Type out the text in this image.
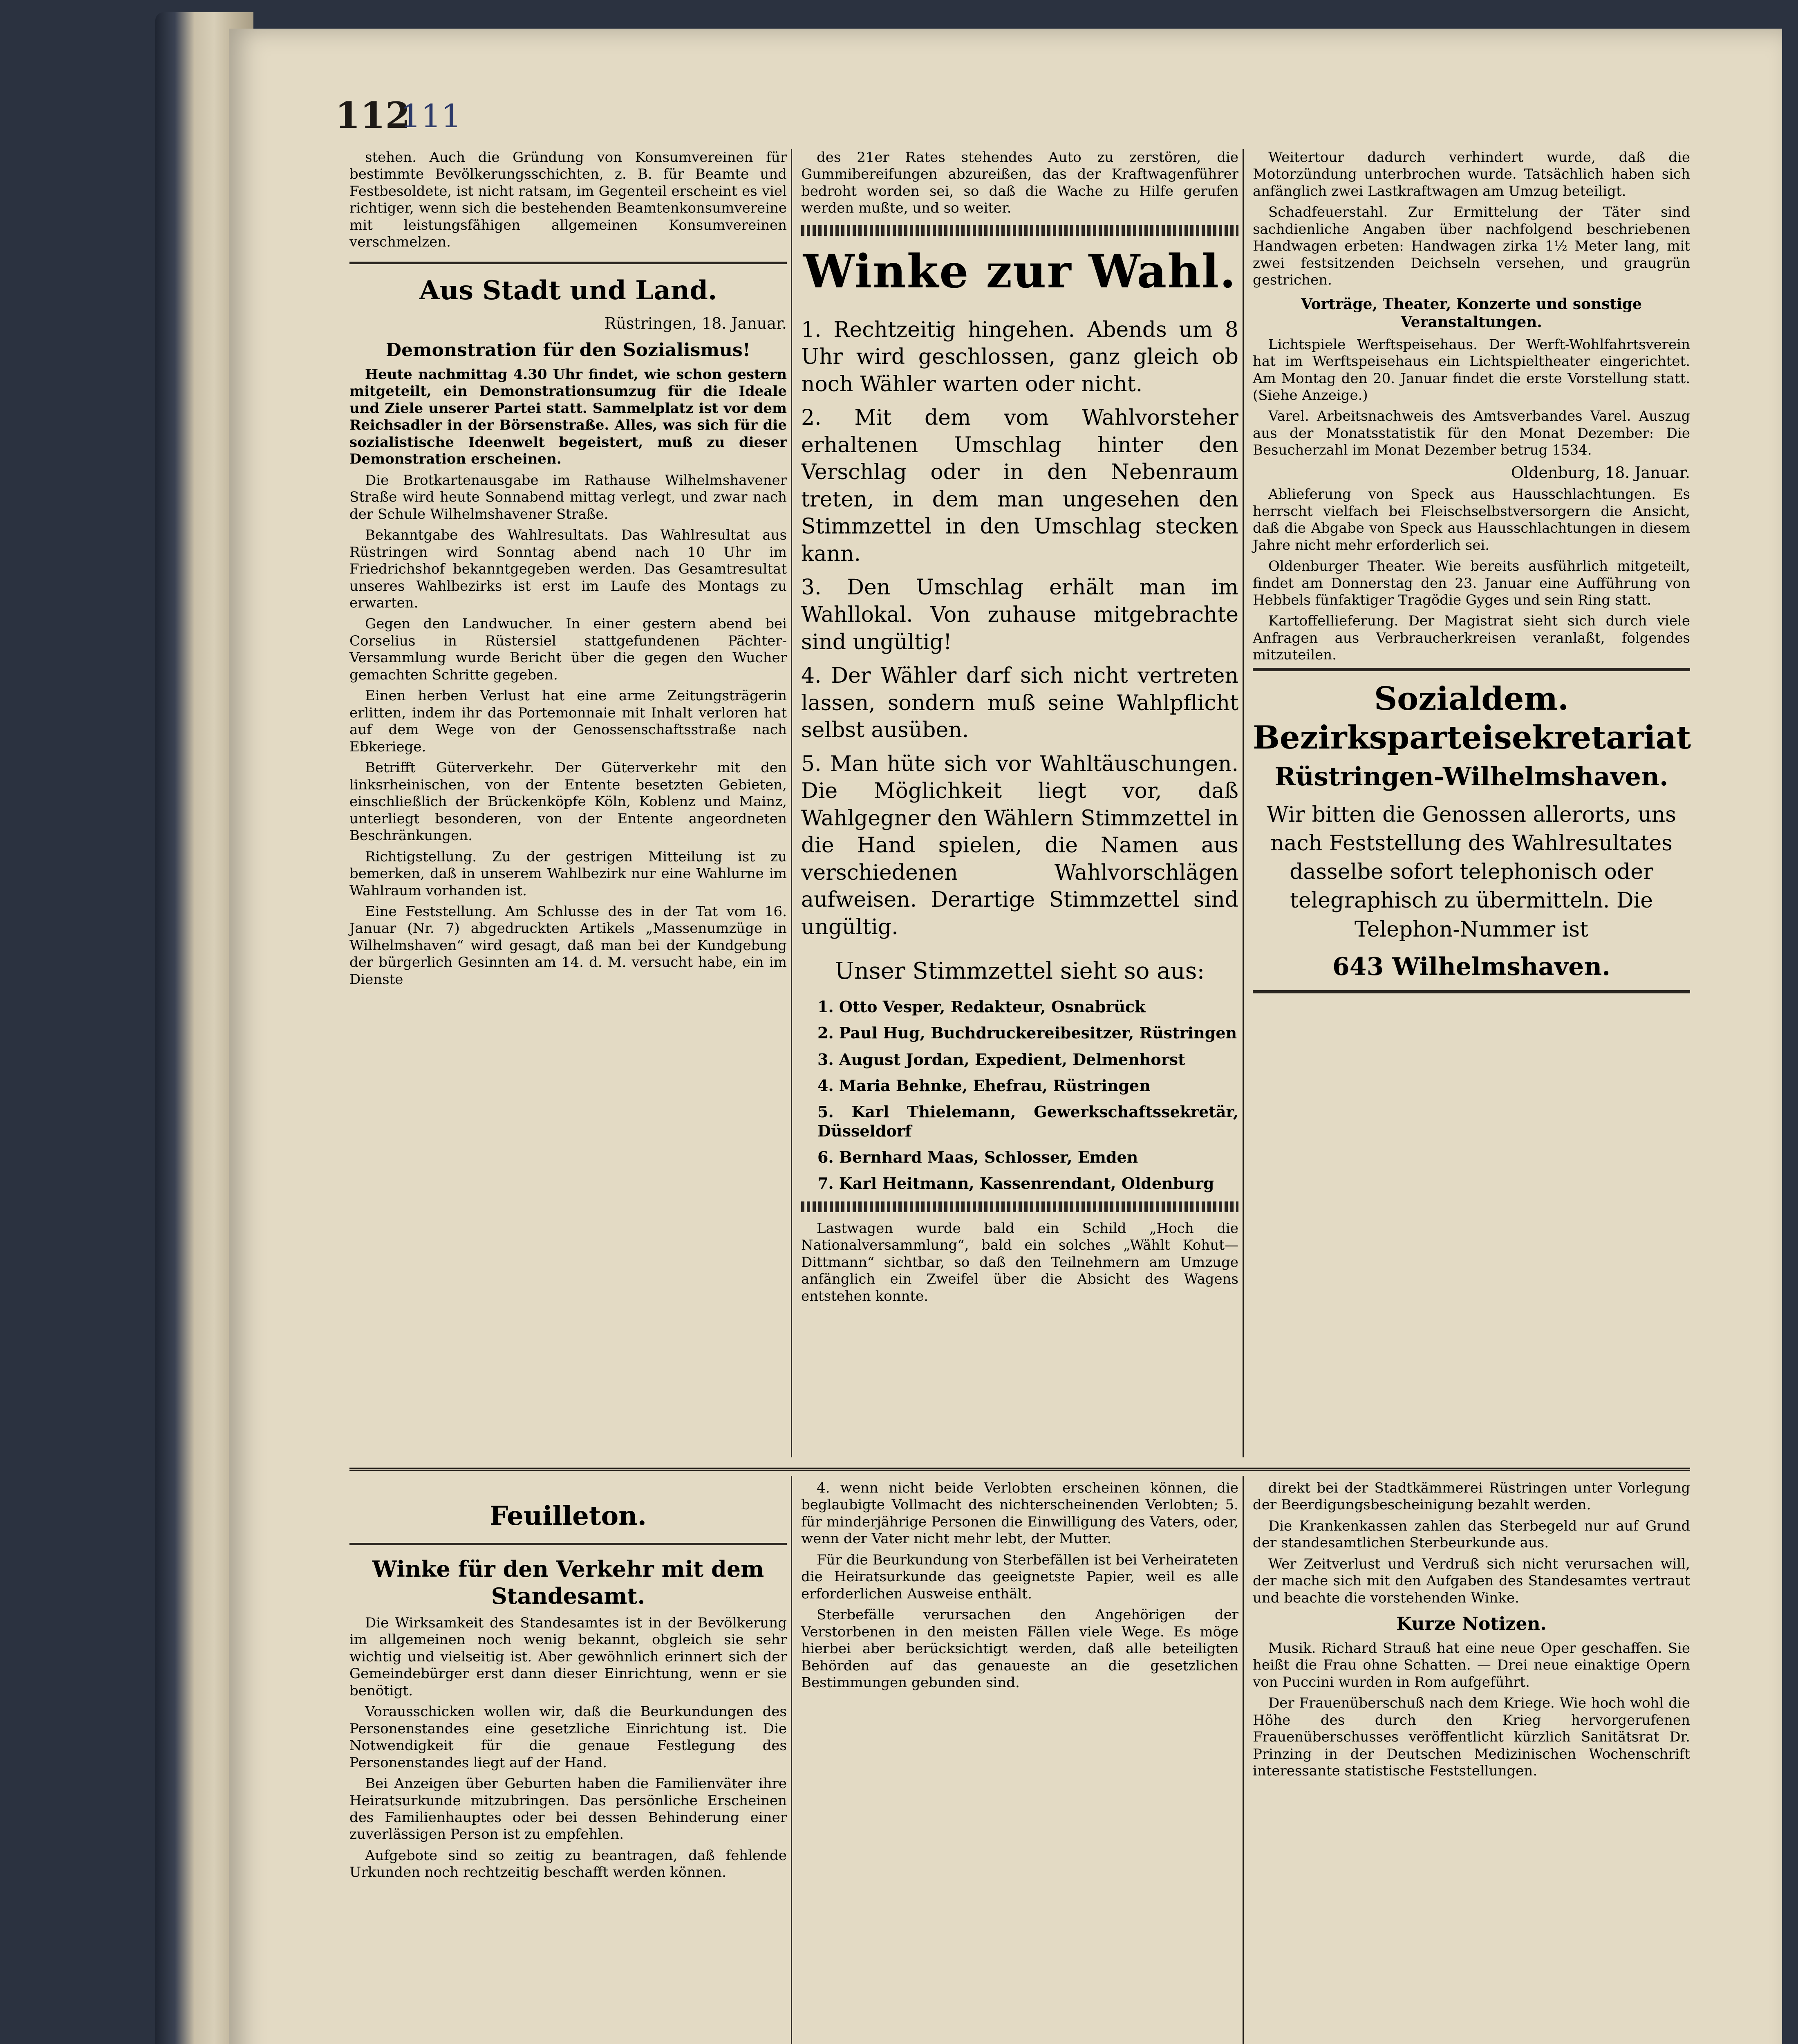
112
111

stehen. Auch die Gründung von Konsumvereinen für bestimmte Bevölkerungsschichten, z. B. für Beamte und Festbesoldete, ist nicht ratsam, im Gegenteil erscheint es viel richtiger, wenn sich die bestehenden Beamtenkonsumvereine mit leistungsfähigen allgemeinen Konsumvereinen verschmelzen.

Aus Stadt und Land.
Rüstringen, 18. Januar.
Demonstration für den Sozialismus!

Heute nachmittag 4.30 Uhr findet, wie schon gestern mitgeteilt, ein Demonstrationsumzug für die Ideale und Ziele unserer Partei statt. Sammelplatz ist vor dem Reichsadler in der Börsenstraße. Alles, was sich für die sozialistische Ideenwelt begeistert, muß zu dieser Demonstration erscheinen.

Die Brotkartenausgabe im Rathause Wilhelmshavener Straße wird heute Sonnabend mittag verlegt, und zwar nach der Schule Wilhelmshavener Straße.

Bekanntgabe des Wahlresultats. Das Wahlresultat aus Rüstringen wird Sonntag abend nach 10 Uhr im Friedrichshof bekanntgegeben werden. Das Gesamtresultat unseres Wahlbezirks ist erst im Laufe des Montags zu erwarten.

Gegen den Landwucher. In einer gestern abend bei Corselius in Rüstersiel stattgefundenen Pächter-Versammlung wurde Bericht über die gegen den Wucher gemachten Schritte gegeben.

Einen herben Verlust hat eine arme Zeitungsträgerin erlitten, indem ihr das Portemonnaie mit Inhalt verloren hat auf dem Wege von der Genossenschaftsstraße nach Ebkeriege.

Betrifft Güterverkehr. Der Güterverkehr mit den linksrheinischen, von der Entente besetzten Gebieten, einschließlich der Brückenköpfe Köln, Koblenz und Mainz, unterliegt besonderen, von der Entente angeordneten Beschränkungen.

Richtigstellung. Zu der gestrigen Mitteilung ist zu bemerken, daß in unserem Wahlbezirk nur eine Wahlurne im Wahlraum vorhanden ist.

Eine Feststellung. Am Schlusse des in der Tat vom 16. Januar (Nr. 7) abgedruckten Artikels „Massenumzüge in Wilhelmshaven“ wird gesagt, daß man bei der Kundgebung der bürgerlich Gesinnten am 14. d. M. versucht habe, ein im Dienste

des 21er Rates stehendes Auto zu zerstören, die Gummibereifungen abzureißen, das der Kraftwagenführer bedroht worden sei, so daß die Wache zu Hilfe gerufen werden mußte, und so weiter.

Winke zur Wahl.
1. Rechtzeitig hingehen. Abends um 8 Uhr wird geschlossen, ganz gleich ob noch Wähler warten oder nicht.
2. Mit dem vom Wahlvorsteher erhaltenen Umschlag hinter den Verschlag oder in den Nebenraum treten, in dem man ungesehen den Stimmzettel in den Umschlag stecken kann.
3. Den Umschlag erhält man im Wahllokal. Von zuhause mitgebrachte sind ungültig!
4. Der Wähler darf sich nicht vertreten lassen, sondern muß seine Wahlpflicht selbst ausüben.
5. Man hüte sich vor Wahltäuschungen. Die Möglichkeit liegt vor, daß Wahlgegner den Wählern Stimmzettel in die Hand spielen, die Namen aus verschiedenen Wahlvorschlägen aufweisen. Derartige Stimmzettel sind ungültig.
Unser Stimmzettel sieht so aus:
1. Otto Vesper, Redakteur, Osnabrück
2. Paul Hug, Buchdruckereibesitzer, Rüstringen
3. August Jordan, Expedient, Delmenhorst
4. Maria Behnke, Ehefrau, Rüstringen
5. Karl Thielemann, Gewerkschaftssekretär, Düsseldorf
6. Bernhard Maas, Schlosser, Emden
7. Karl Heitmann, Kassenrendant, Oldenburg

Lastwagen wurde bald ein Schild „Hoch die Nationalversammlung“, bald ein solches „Wählt Kohut—Dittmann“ sichtbar, so daß den Teilnehmern am Umzuge anfänglich ein Zweifel über die Absicht des Wagens entstehen konnte.

Weitertour dadurch verhindert wurde, daß die Motorzündung unterbrochen wurde. Tatsächlich haben sich anfänglich zwei Lastkraftwagen am Umzug beteiligt.

Schadfeuerstahl. Zur Ermittelung der Täter sind sachdienliche Angaben über nachfolgend beschriebenen Handwagen erbeten: Handwagen zirka 1½ Meter lang, mit zwei festsitzenden Deichseln versehen, und graugrün gestrichen.

Vorträge, Theater, Konzerte und sonstige Veranstaltungen.

Lichtspiele Werftspeisehaus. Der Werft-Wohlfahrtsverein hat im Werftspeisehaus ein Lichtspieltheater eingerichtet. Am Montag den 20. Januar findet die erste Vorstellung statt. (Siehe Anzeige.)

Varel. Arbeitsnachweis des Amtsverbandes Varel. Auszug aus der Monatsstatistik für den Monat Dezember: Die Besucherzahl im Monat Dezember betrug 1534.

Oldenburg, 18. Januar.

Ablieferung von Speck aus Hausschlachtungen. Es herrscht vielfach bei Fleischselbstversorgern die Ansicht, daß die Abgabe von Speck aus Hausschlachtungen in diesem Jahre nicht mehr erforderlich sei.

Oldenburger Theater. Wie bereits ausführlich mitgeteilt, findet am Donnerstag den 23. Januar eine Aufführung von Hebbels fünfaktiger Tragödie Gyges und sein Ring statt.

Kartoffellieferung. Der Magistrat sieht sich durch viele Anfragen aus Verbraucherkreisen veranlaßt, folgendes mitzuteilen.

Sozialdem. Bezirksparteisekretariat
Rüstringen-Wilhelmshaven.
Wir bitten die Genossen allerorts, uns nach Feststellung des Wahlresultates dasselbe sofort telephonisch oder telegraphisch zu übermitteln. Die Telephon-Nummer ist
643 Wilhelmshaven.
Feuilleton.
Winke für den Verkehr mit dem Standesamt.

Die Wirksamkeit des Standesamtes ist in der Bevölkerung im allgemeinen noch wenig bekannt, obgleich sie sehr wichtig und vielseitig ist. Aber gewöhnlich erinnert sich der Gemeindebürger erst dann dieser Einrichtung, wenn er sie benötigt.

Vorausschicken wollen wir, daß die Beurkundungen des Personenstandes eine gesetzliche Einrichtung ist. Die Notwendigkeit für die genaue Festlegung des Personenstandes liegt auf der Hand.

Bei Anzeigen über Geburten haben die Familienväter ihre Heiratsurkunde mitzubringen. Das persönliche Erscheinen des Familienhauptes oder bei dessen Behinderung einer zuverlässigen Person ist zu empfehlen.

Aufgebote sind so zeitig zu beantragen, daß fehlende Urkunden noch rechtzeitig beschafft werden können.

4. wenn nicht beide Verlobten erscheinen können, die beglaubigte Vollmacht des nichterscheinenden Verlobten; 5. für minderjährige Personen die Einwilligung des Vaters, oder, wenn der Vater nicht mehr lebt, der Mutter.

Für die Beurkundung von Sterbefällen ist bei Verheirateten die Heiratsurkunde das geeignetste Papier, weil es alle erforderlichen Ausweise enthält.

Sterbefälle verursachen den Angehörigen der Verstorbenen in den meisten Fällen viele Wege. Es möge hierbei aber berücksichtigt werden, daß alle beteiligten Behörden auf das genaueste an die gesetzlichen Bestimmungen gebunden sind.

direkt bei der Stadtkämmerei Rüstringen unter Vorlegung der Beerdigungsbescheinigung bezahlt werden.

Die Krankenkassen zahlen das Sterbegeld nur auf Grund der standesamtlichen Sterbeurkunde aus.

Wer Zeitverlust und Verdruß sich nicht verursachen will, der mache sich mit den Aufgaben des Standesamtes vertraut und beachte die vorstehenden Winke.

Kurze Notizen.

Musik. Richard Strauß hat eine neue Oper geschaffen. Sie heißt die Frau ohne Schatten. — Drei neue einaktige Opern von Puccini wurden in Rom aufgeführt.

Der Frauenüberschuß nach dem Kriege. Wie hoch wohl die Höhe des durch den Krieg hervorgerufenen Frauenüberschusses veröffentlicht kürzlich Sanitätsrat Dr. Prinzing in der Deutschen Medizinischen Wochenschrift interessante statistische Feststellungen.
